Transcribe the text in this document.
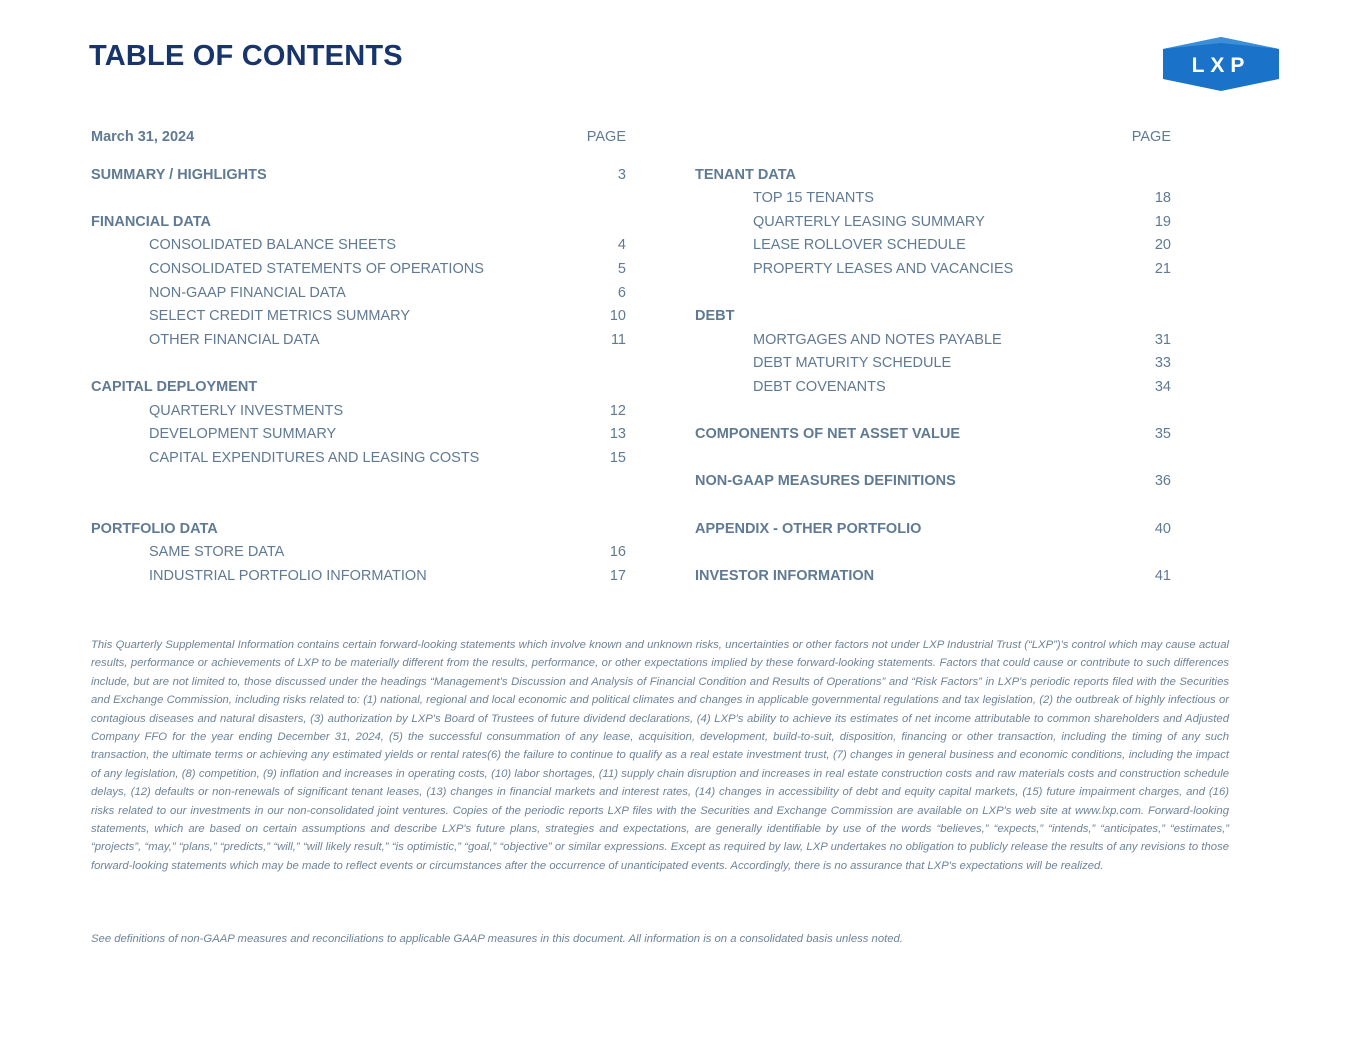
TABLE OF CONTENTS	LXP
March 31, 2024	PAGE
SUMMARY / HIGHLIGHTS	3
FINANCIAL DATA
CONSOLIDATED BALANCE SHEETS	4
CONSOLIDATED STATEMENTS OF OPERATIONS	5
NON-GAAP FINANCIAL DATA	6
SELECT CREDIT METRICS SUMMARY	10
OTHER FINANCIAL DATA	11
CAPITAL DEPLOYMENT
QUARTERLY INVESTMENTS	12
DEVELOPMENT SUMMARY	13
CAPITAL EXPENDITURES AND LEASING COSTS	15
PORTFOLIO DATA
SAME STORE DATA	16
INDUSTRIAL PORTFOLIO INFORMATION	17
PAGE
TENANT DATA
TOP 15 TENANTS	18
QUARTERLY LEASING SUMMARY	19
LEASE ROLLOVER SCHEDULE	20
PROPERTY LEASES AND VACANCIES	21
DEBT
MORTGAGES AND NOTES PAYABLE	31
DEBT MATURITY SCHEDULE	33
DEBT COVENANTS	34
COMPONENTS OF NET ASSET VALUE	35
NON-GAAP MEASURES DEFINITIONS	36
APPENDIX - OTHER PORTFOLIO	40
INVESTOR INFORMATION	41

This Quarterly Supplemental Information contains certain forward-looking statements which involve known and unknown risks, uncertainties or other factors not under LXP Industrial Trust (“LXP”)'s control which may cause actual results, performance or achievements of LXP to be materially different from the results, performance, or other expectations implied by these forward-looking statements. Factors that could cause or contribute to such differences include, but are not limited to, those discussed under the headings “Management's Discussion and Analysis of Financial Condition and Results of Operations” and “Risk Factors” in LXP's periodic reports filed with the Securities and Exchange Commission, including risks related to: (1) national, regional and local economic and political climates and changes in applicable governmental regulations and tax legislation, (2) the outbreak of highly infectious or contagious diseases and natural disasters, (3) authorization by LXP's Board of Trustees of future dividend declarations, (4) LXP's ability to achieve its estimates of net income attributable to common shareholders and Adjusted Company FFO for the year ending December 31, 2024, (5) the successful consummation of any lease, acquisition, development, build-to-suit, disposition, financing or other transaction, including the timing of any such transaction, the ultimate terms or achieving any estimated yields or rental rates(6) the failure to continue to qualify as a real estate investment trust, (7) changes in general business and economic conditions, including the impact of any legislation, (8) competition, (9) inflation and increases in operating costs, (10) labor shortages, (11) supply chain disruption and increases in real estate construction costs and raw materials costs and construction schedule delays, (12) defaults or non-renewals of significant tenant leases, (13) changes in financial markets and interest rates, (14) changes in accessibility of debt and equity capital markets, (15) future impairment charges, and (16) risks related to our investments in our non-consolidated joint ventures. Copies of the periodic reports LXP files with the Securities and Exchange Commission are available on LXP's web site at www.lxp.com. Forward-looking statements, which are based on certain assumptions and describe LXP's future plans, strategies and expectations, are generally identifiable by use of the words “believes,” “expects,” “intends,” “anticipates,” “estimates,” “projects”, “may,” “plans,” “predicts,” “will,” “will likely result,” “is optimistic,” “goal,” “objective” or similar expressions. Except as required by law, LXP undertakes no obligation to publicly release the results of any revisions to those forward-looking statements which may be made to reflect events or circumstances after the occurrence of unanticipated events. Accordingly, there is no assurance that LXP's expectations will be realized.

See definitions of non-GAAP measures and reconciliations to applicable GAAP measures in this document. All information is on a consolidated basis unless noted.
